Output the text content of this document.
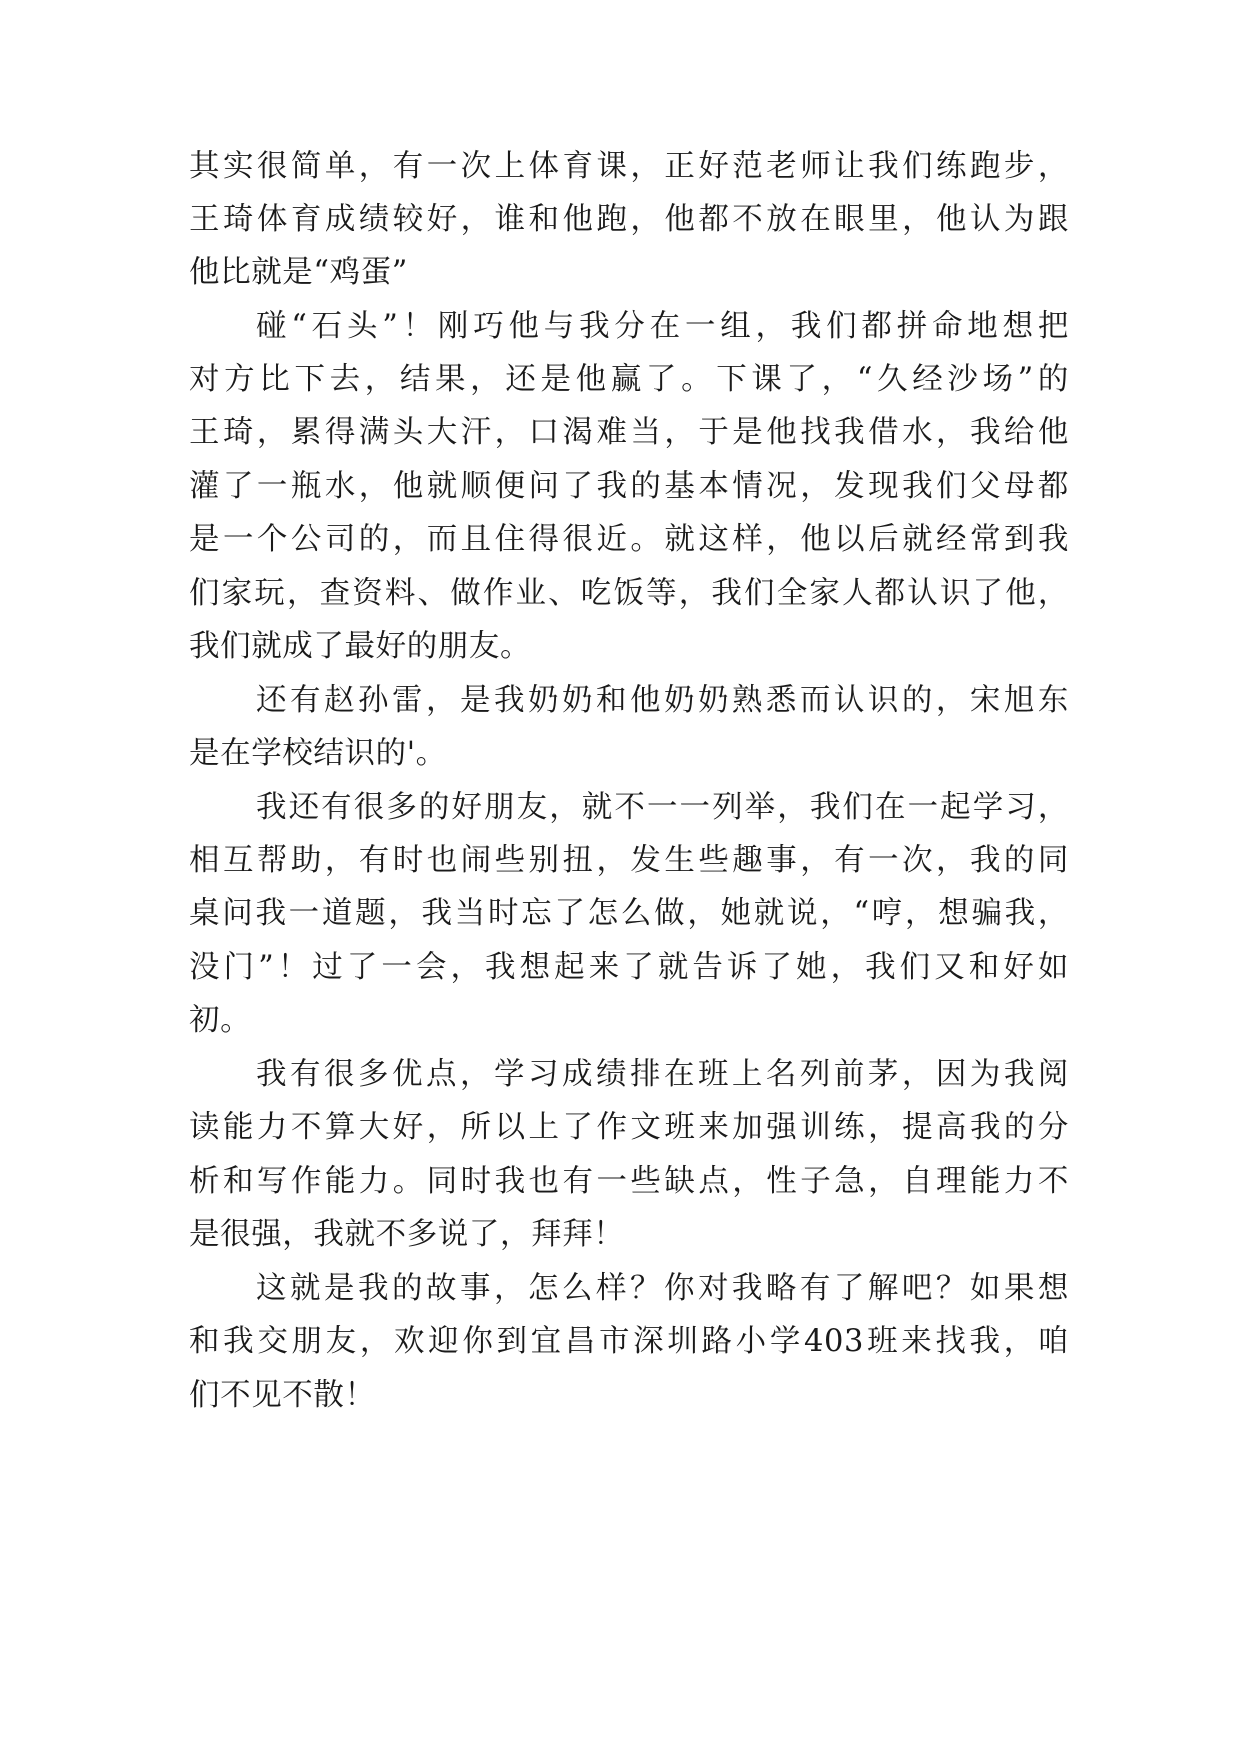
其实很简单，有一次上体育课，正好范老师让我们练跑步，
王琦体育成绩较好，谁和他跑，他都不放在眼里，他认为跟
他比就是“鸡蛋”
碰“石头”！刚巧他与我分在一组，我们都拼命地想把
对方比下去，结果，还是他赢了。下课了，“久经沙场”的
王琦，累得满头大汗，口渴难当，于是他找我借水，我给他
灌了一瓶水，他就顺便问了我的基本情况，发现我们父母都
是一个公司的，而且住得很近。就这样，他以后就经常到我
们家玩，查资料、做作业、吃饭等，我们全家人都认识了他，
我们就成了最好的朋友。
还有赵孙雷，是我奶奶和他奶奶熟悉而认识的，宋旭东
是在学校结识的'。
我还有很多的好朋友，就不一一列举，我们在一起学习，
相互帮助，有时也闹些别扭，发生些趣事，有一次，我的同
桌问我一道题，我当时忘了怎么做，她就说，“哼，想骗我，
没门”！过了一会，我想起来了就告诉了她，我们又和好如
初。
我有很多优点，学习成绩排在班上名列前茅，因为我阅
读能力不算大好，所以上了作文班来加强训练，提高我的分
析和写作能力。同时我也有一些缺点，性子急，自理能力不
是很强，我就不多说了，拜拜！
这就是我的故事，怎么样？你对我略有了解吧？如果想
和我交朋友，欢迎你到宜昌市深圳路小学403班来找我，咱
们不见不散！
